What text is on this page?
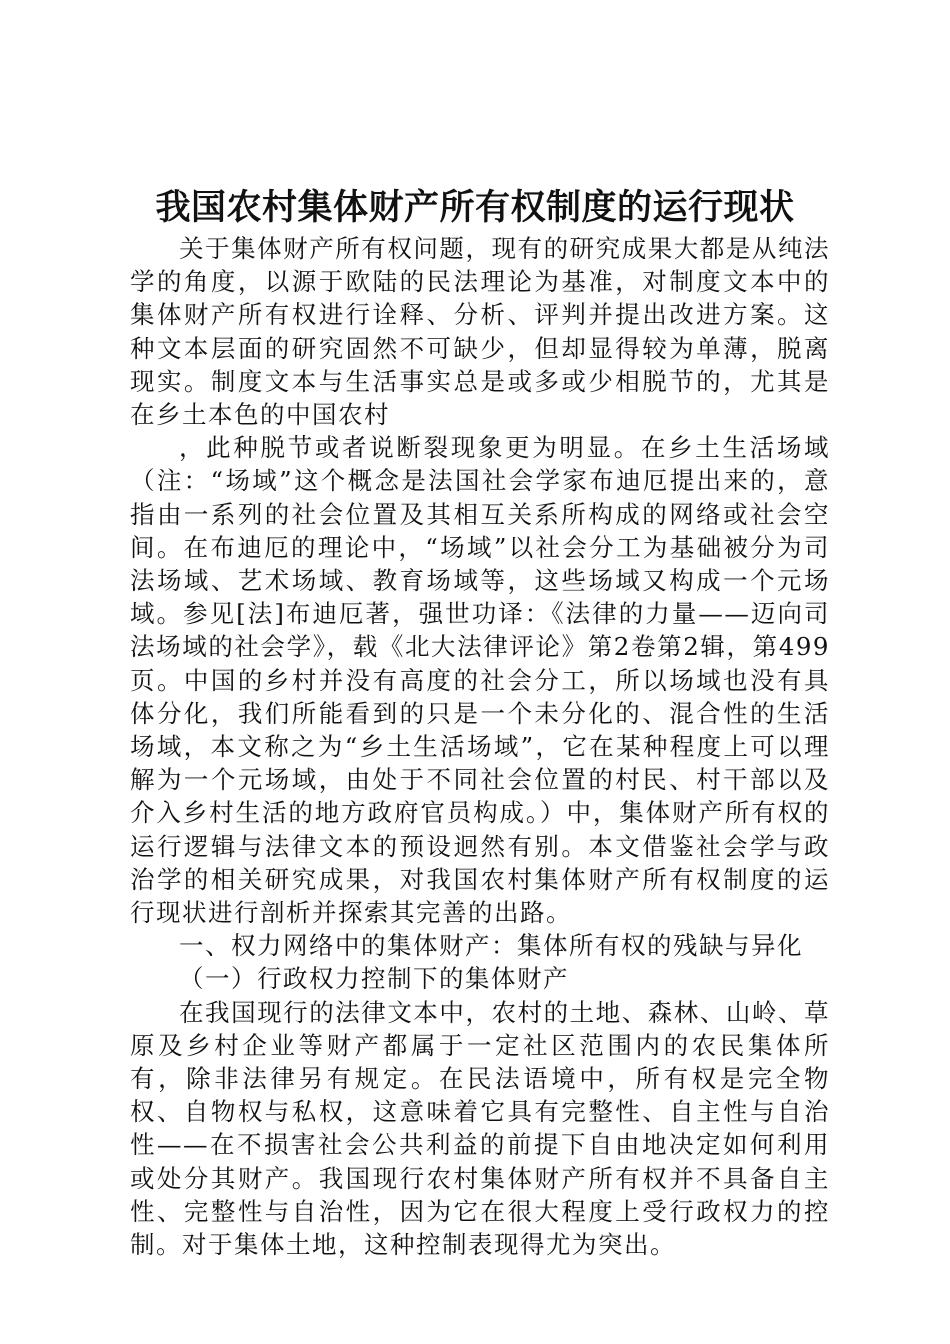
我国农村集体财产所有权制度的运行现状

关于集体财产所有权问题，现有的研究成果大都是从纯法学的角度，以源于欧陆的民法理论为基准，对制度文本中的集体财产所有权进行诠释、分析、评判并提出改进方案。这种文本层面的研究固然不可缺少，但却显得较为单薄，脱离现实。制度文本与生活事实总是或多或少相脱节的，尤其是在乡土本色的中国农村

，此种脱节或者说断裂现象更为明显。在乡土生活场域（注：“场域”这个概念是法国社会学家布迪厄提出来的，意指由一系列的社会位置及其相互关系所构成的网络或社会空间。在布迪厄的理论中，“场域”以社会分工为基础被分为司法场域、艺术场域、教育场域等，这些场域又构成一个元场域。参见[法]布迪厄著，强世功译：《法律的力量——迈向司法场域的社会学》，载《北大法律评论》第2卷第2辑，第499页。中国的乡村并没有高度的社会分工，所以场域也没有具体分化，我们所能看到的只是一个未分化的、混合性的生活场域，本文称之为“乡土生活场域”，它在某种程度上可以理解为一个元场域，由处于不同社会位置的村民、村干部以及介入乡村生活的地方政府官员构成。）中，集体财产所有权的运行逻辑与法律文本的预设迥然有别。本文借鉴社会学与政治学的相关研究成果，对我国农村集体财产所有权制度的运行现状进行剖析并探索其完善的出路。

一、权力网络中的集体财产：集体所有权的残缺与异化

（一）行政权力控制下的集体财产

在我国现行的法律文本中，农村的土地、森林、山岭、草原及乡村企业等财产都属于一定社区范围内的农民集体所有，除非法律另有规定。在民法语境中，所有权是完全物权、自物权与私权，这意味着它具有完整性、自主性与自治性——在不损害社会公共利益的前提下自由地决定如何利用或处分其财产。我国现行农村集体财产所有权并不具备自主性、完整性与自治性，因为它在很大程度上受行政权力的控制。对于集体土地，这种控制表现得尤为突出。
